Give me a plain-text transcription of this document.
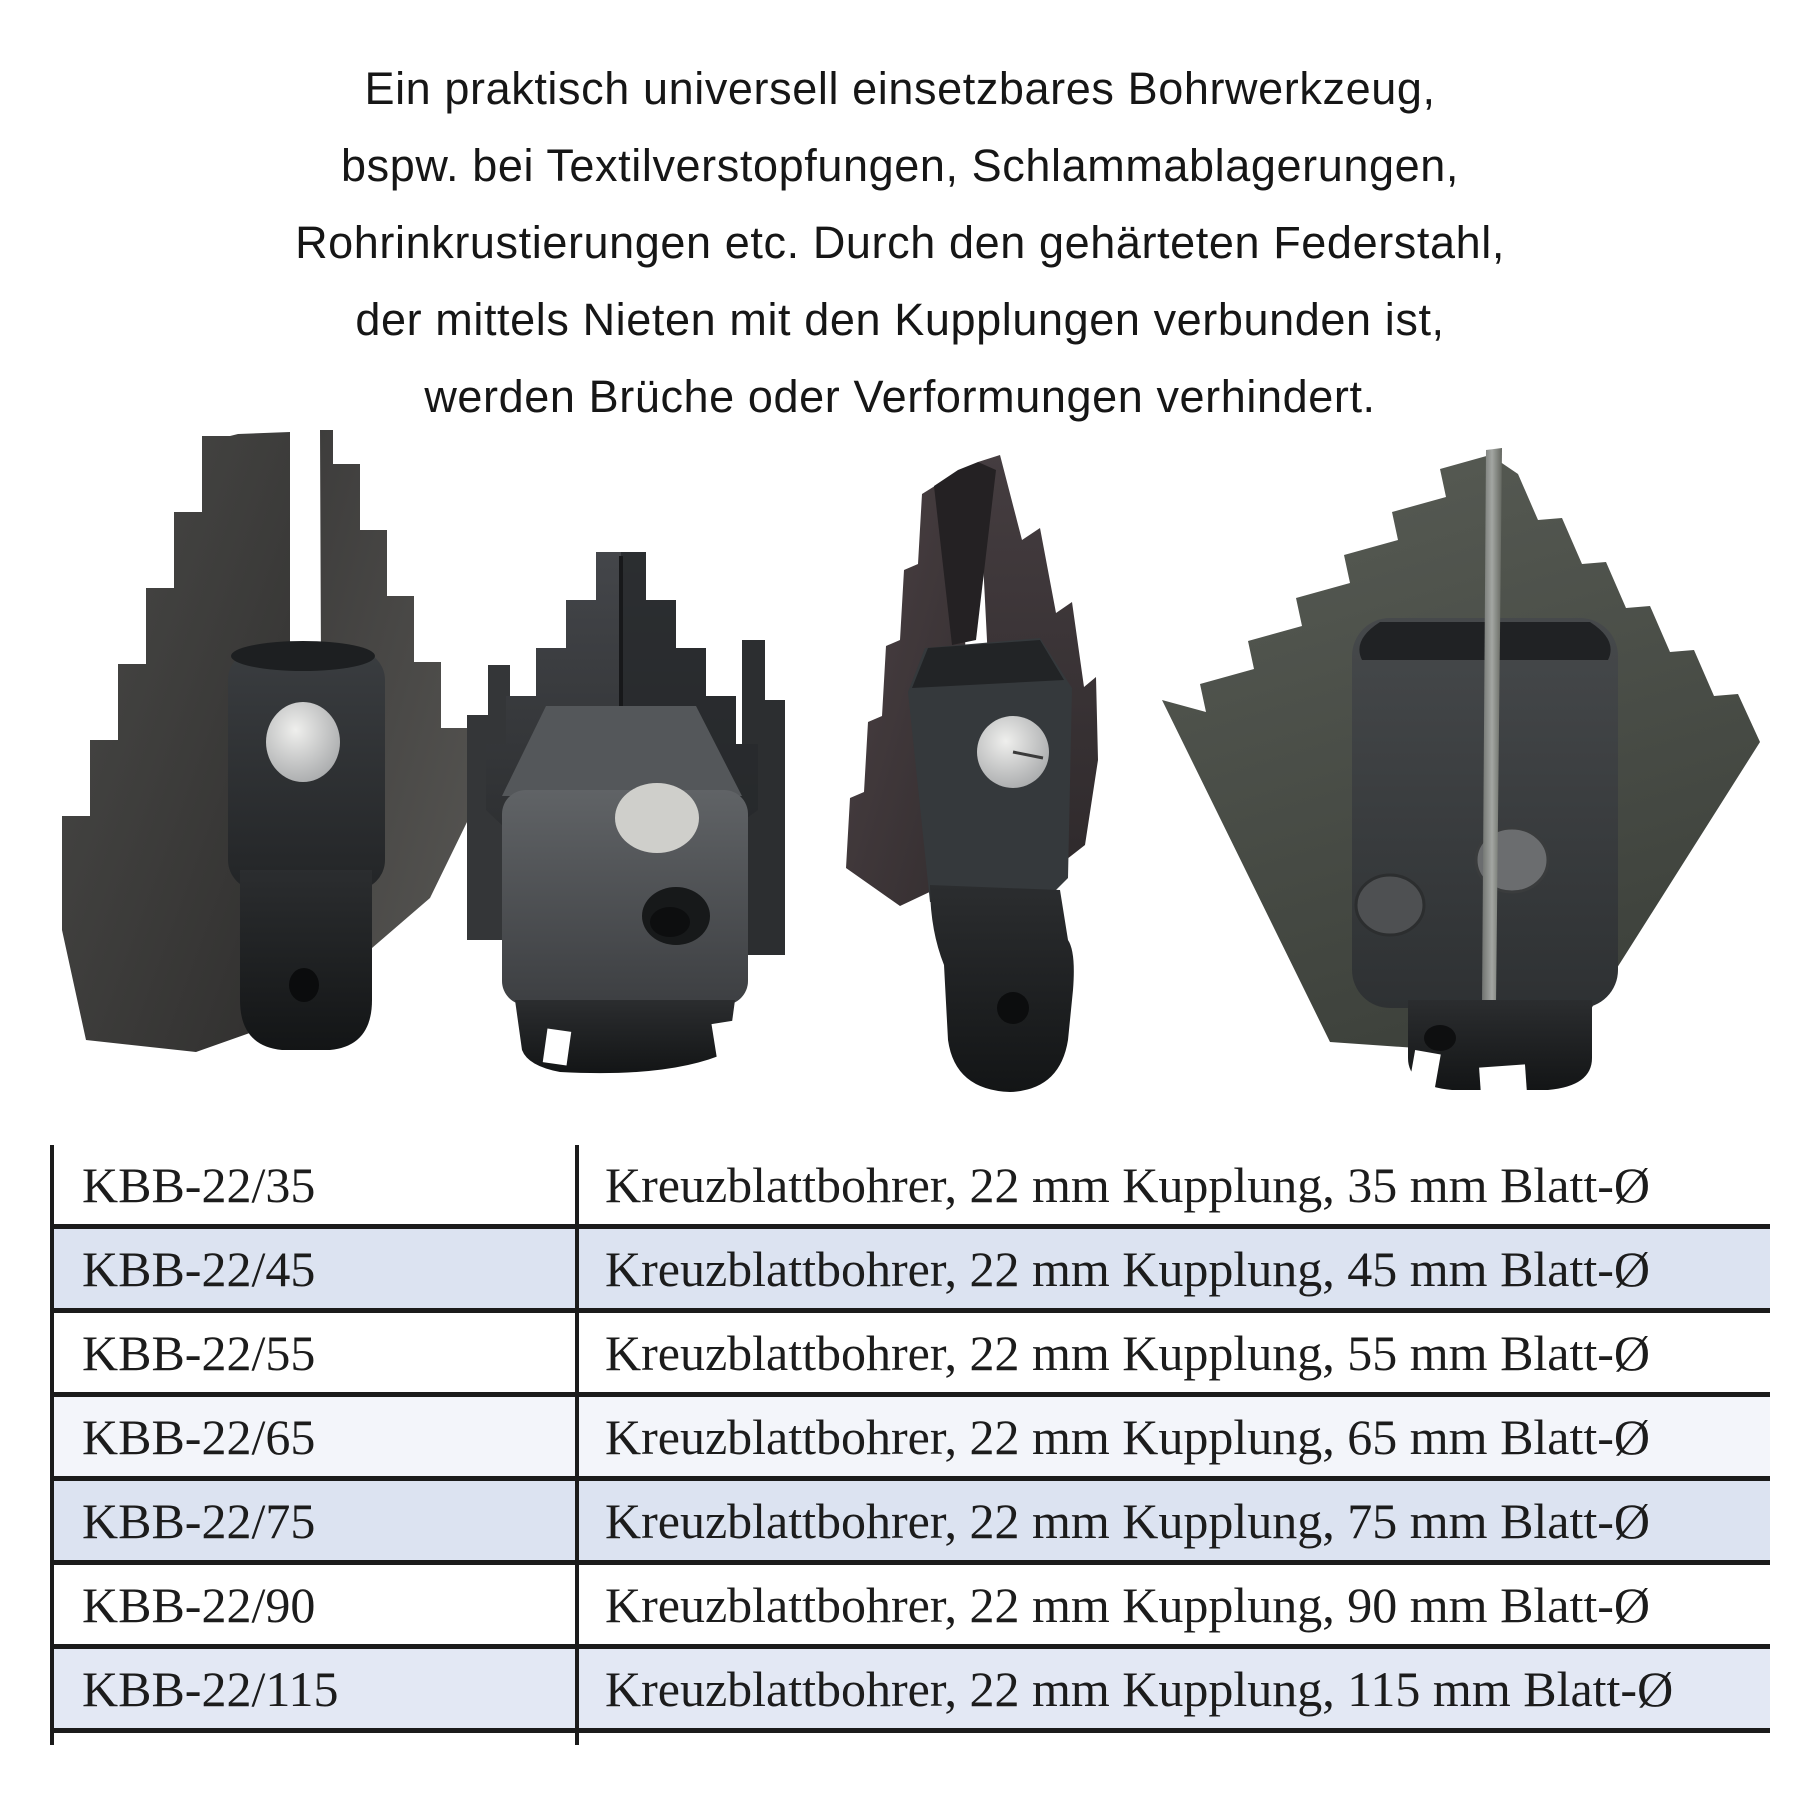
Ein praktisch universell einsetzbares Bohrwerkzeug,
bspw. bei Textilverstopfungen, Schlammablagerungen,
Rohrinkrustierungen etc. Durch den gehärteten Federstahl,
der mittels Nieten mit den Kupplungen verbunden ist,
werden Brüche oder Verformungen verhindert.
KBB-22/35	Kreuzblattbohrer, 22 mm Kupplung, 35 mm Blatt-Ø
KBB-22/45	Kreuzblattbohrer, 22 mm Kupplung, 45 mm Blatt-Ø
KBB-22/55	Kreuzblattbohrer, 22 mm Kupplung, 55 mm Blatt-Ø
KBB-22/65	Kreuzblattbohrer, 22 mm Kupplung, 65 mm Blatt-Ø
KBB-22/75	Kreuzblattbohrer, 22 mm Kupplung, 75 mm Blatt-Ø
KBB-22/90	Kreuzblattbohrer, 22 mm Kupplung, 90 mm Blatt-Ø
KBB-22/115	Kreuzblattbohrer, 22 mm Kupplung, 115 mm Blatt-Ø
